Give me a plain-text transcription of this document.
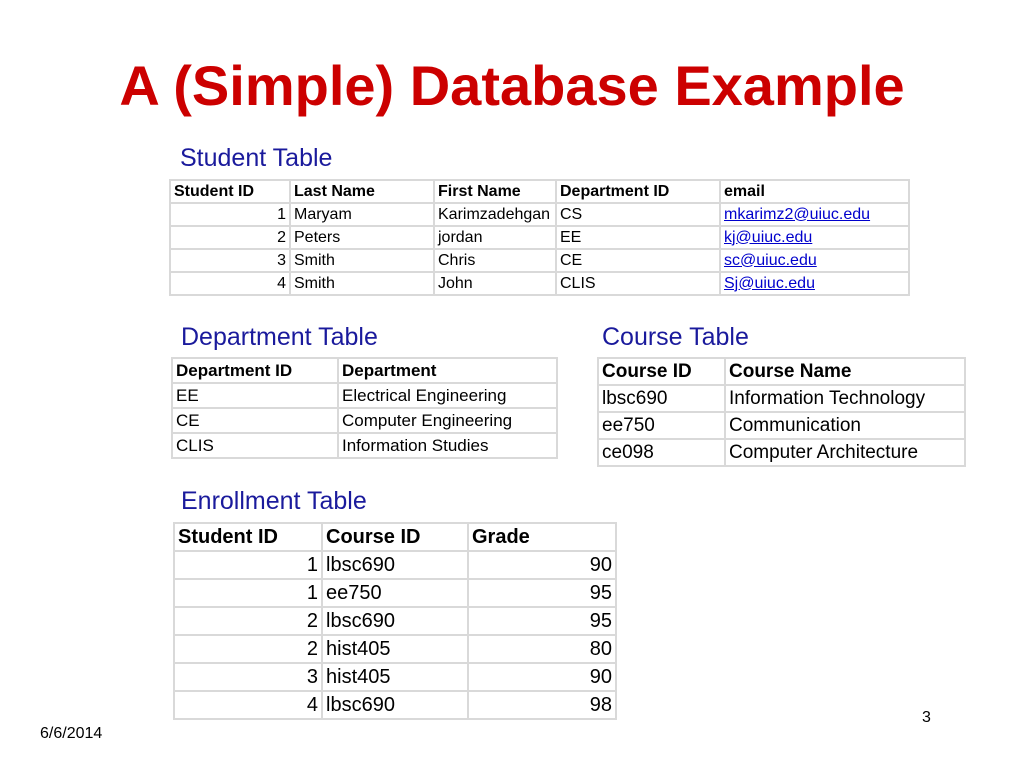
A (Simple) Database Example
Student Table
Student ID	Last Name	First Name	Department ID	email
1	Maryam	Karimzadehgan	CS	mkarimz2@uiuc.edu
2	Peters	jordan	EE	kj@uiuc.edu
3	Smith	Chris	CE	sc@uiuc.edu
4	Smith	John	CLIS	Sj@uiuc.edu
Department Table
Department ID	Department
EE	Electrical Engineering
CE	Computer Engineering
CLIS	Information Studies
Course Table
Course ID	Course Name
lbsc690	Information Technology
ee750	Communication
ce098	Computer Architecture
Enrollment Table
Student ID	Course ID	Grade
1	lbsc690	90
1	ee750	95
2	lbsc690	95
2	hist405	80
3	hist405	90
4	lbsc690	98
6/6/2014
3
